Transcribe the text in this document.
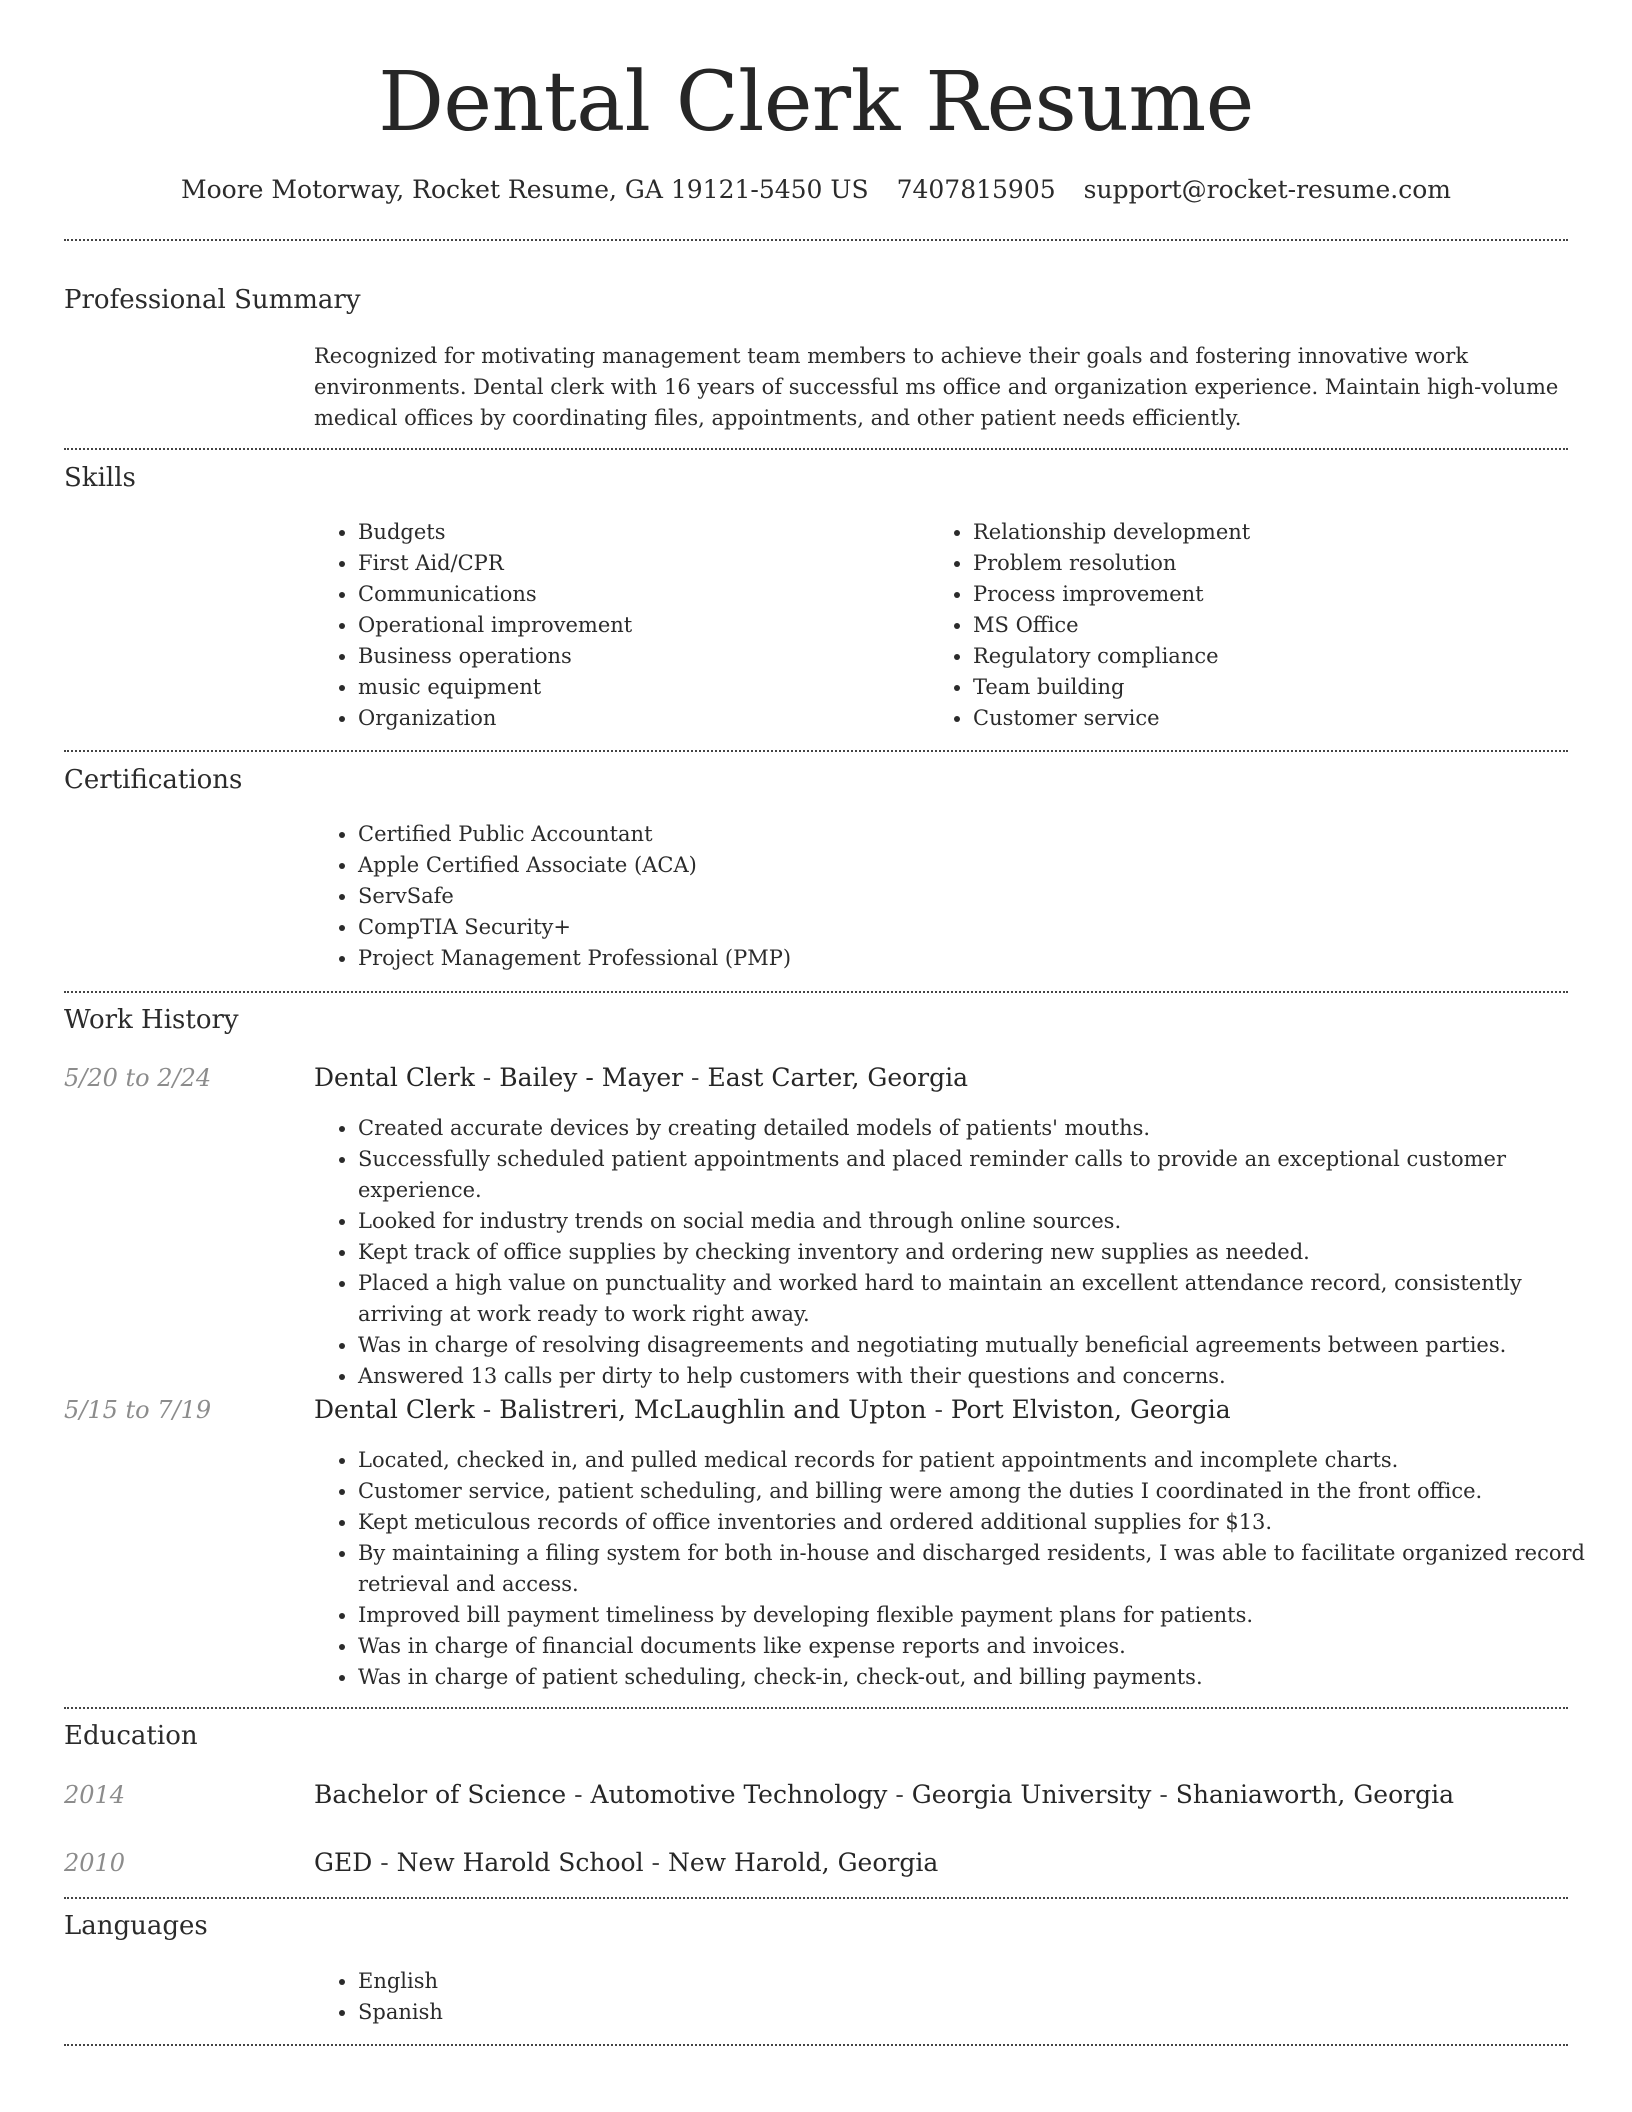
Dental Clerk Resume
Moore Motorway, Rocket Resume, GA 19121-5450 US 7407815905 support@rocket-resume.com
Professional Summary

Recognized for motivating management team members to achieve their goals and fostering innovative work environments. Dental clerk with 16 years of successful ms office and organization experience. Maintain high-volume medical offices by coordinating files, appointments, and other patient needs efficiently.

Skills
• Budgets
• First Aid/CPR
• Communications
• Operational improvement
• Business operations
• music equipment
• Organization
• Relationship development
• Problem resolution
• Process improvement
• MS Office
• Regulatory compliance
• Team building
• Customer service
Certifications
• Certified Public Accountant
• Apple Certified Associate (ACA)
• ServSafe
• CompTIA Security+
• Project Management Professional (PMP)
Work History
5/20 to 2/24	Dental Clerk - Bailey - Mayer - East Carter, Georgia
• Created accurate devices by creating detailed models of patients' mouths.
• Successfully scheduled patient appointments and placed reminder calls to provide an exceptional customer experience.
• Looked for industry trends on social media and through online sources.
• Kept track of office supplies by checking inventory and ordering new supplies as needed.
• Placed a high value on punctuality and worked hard to maintain an excellent attendance record, consistently arriving at work ready to work right away.
• Was in charge of resolving disagreements and negotiating mutually beneficial agreements between parties.
• Answered 13 calls per dirty to help customers with their questions and concerns.
5/15 to 7/19	Dental Clerk - Balistreri, McLaughlin and Upton - Port Elviston, Georgia
• Located, checked in, and pulled medical records for patient appointments and incomplete charts.
• Customer service, patient scheduling, and billing were among the duties I coordinated in the front office.
• Kept meticulous records of office inventories and ordered additional supplies for $13.
• By maintaining a filing system for both in-house and discharged residents, I was able to facilitate organized record retrieval and access.
• Improved bill payment timeliness by developing flexible payment plans for patients.
• Was in charge of financial documents like expense reports and invoices.
• Was in charge of patient scheduling, check-in, check-out, and billing payments.
Education
2014	Bachelor of Science - Automotive Technology - Georgia University - Shaniaworth, Georgia
2010	GED - New Harold School - New Harold, Georgia
Languages
• English
• Spanish
